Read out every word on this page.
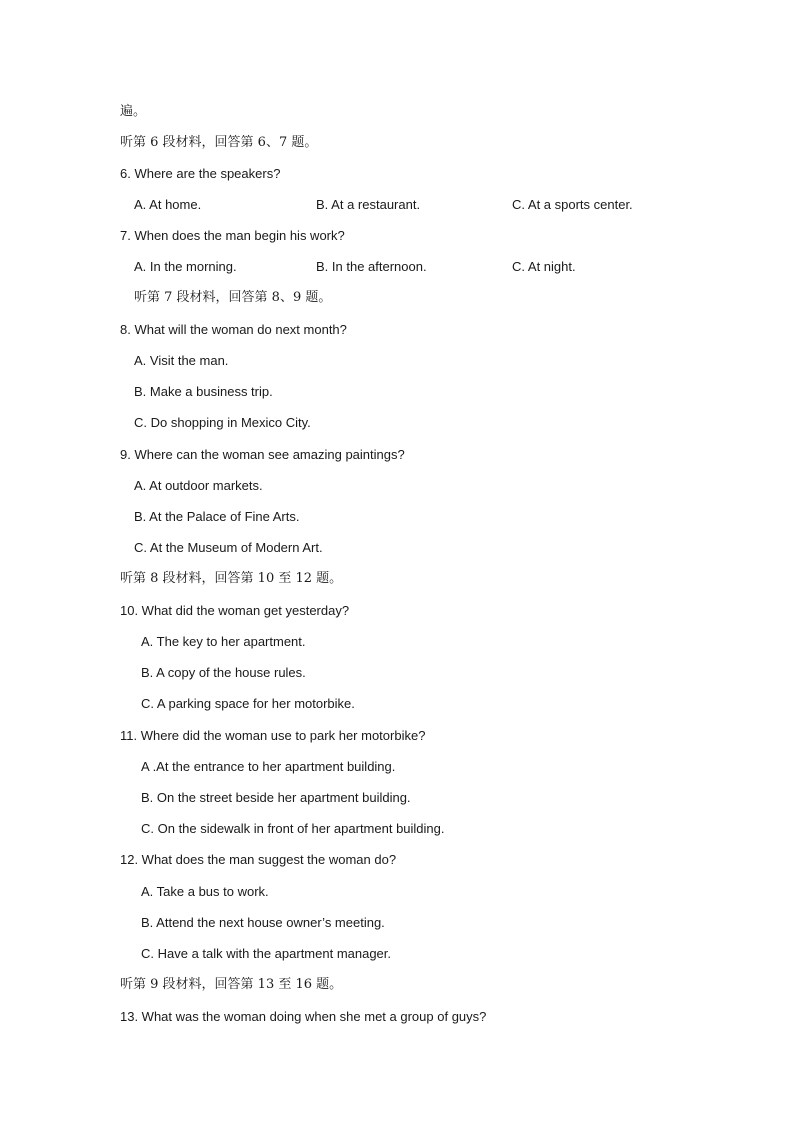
遍。
听第 6 段材料，回答第 6、7 题。
6. Where are the speakers?
A. At home.	B. At a restaurant.	C. At a sports center.
7. When does the man begin his work?
A. In the morning.	B. In the afternoon.	C. At night.
听第 7 段材料，回答第 8、9 题。
8. What will the woman do next month?
A. Visit the man.
B. Make a business trip.
C. Do shopping in Mexico City.
9. Where can the woman see amazing paintings?
A. At outdoor markets.
B. At the Palace of Fine Arts.
C. At the Museum of Modern Art.
听第 8 段材料，回答第 10 至 12 题。
10. What did the woman get yesterday?
A. The key to her apartment.
B. A copy of the house rules.
C. A parking space for her motorbike.
11. Where did the woman use to park her motorbike?
A .At the entrance to her apartment building.
B. On the street beside her apartment building.
C. On the sidewalk in front of her apartment building.
12. What does the man suggest the woman do?
A. Take a bus to work.
B. Attend the next house owner’s meeting.
C. Have a talk with the apartment manager.
听第 9 段材料，回答第 13 至 16 题。
13. What was the woman doing when she met a group of guys?
